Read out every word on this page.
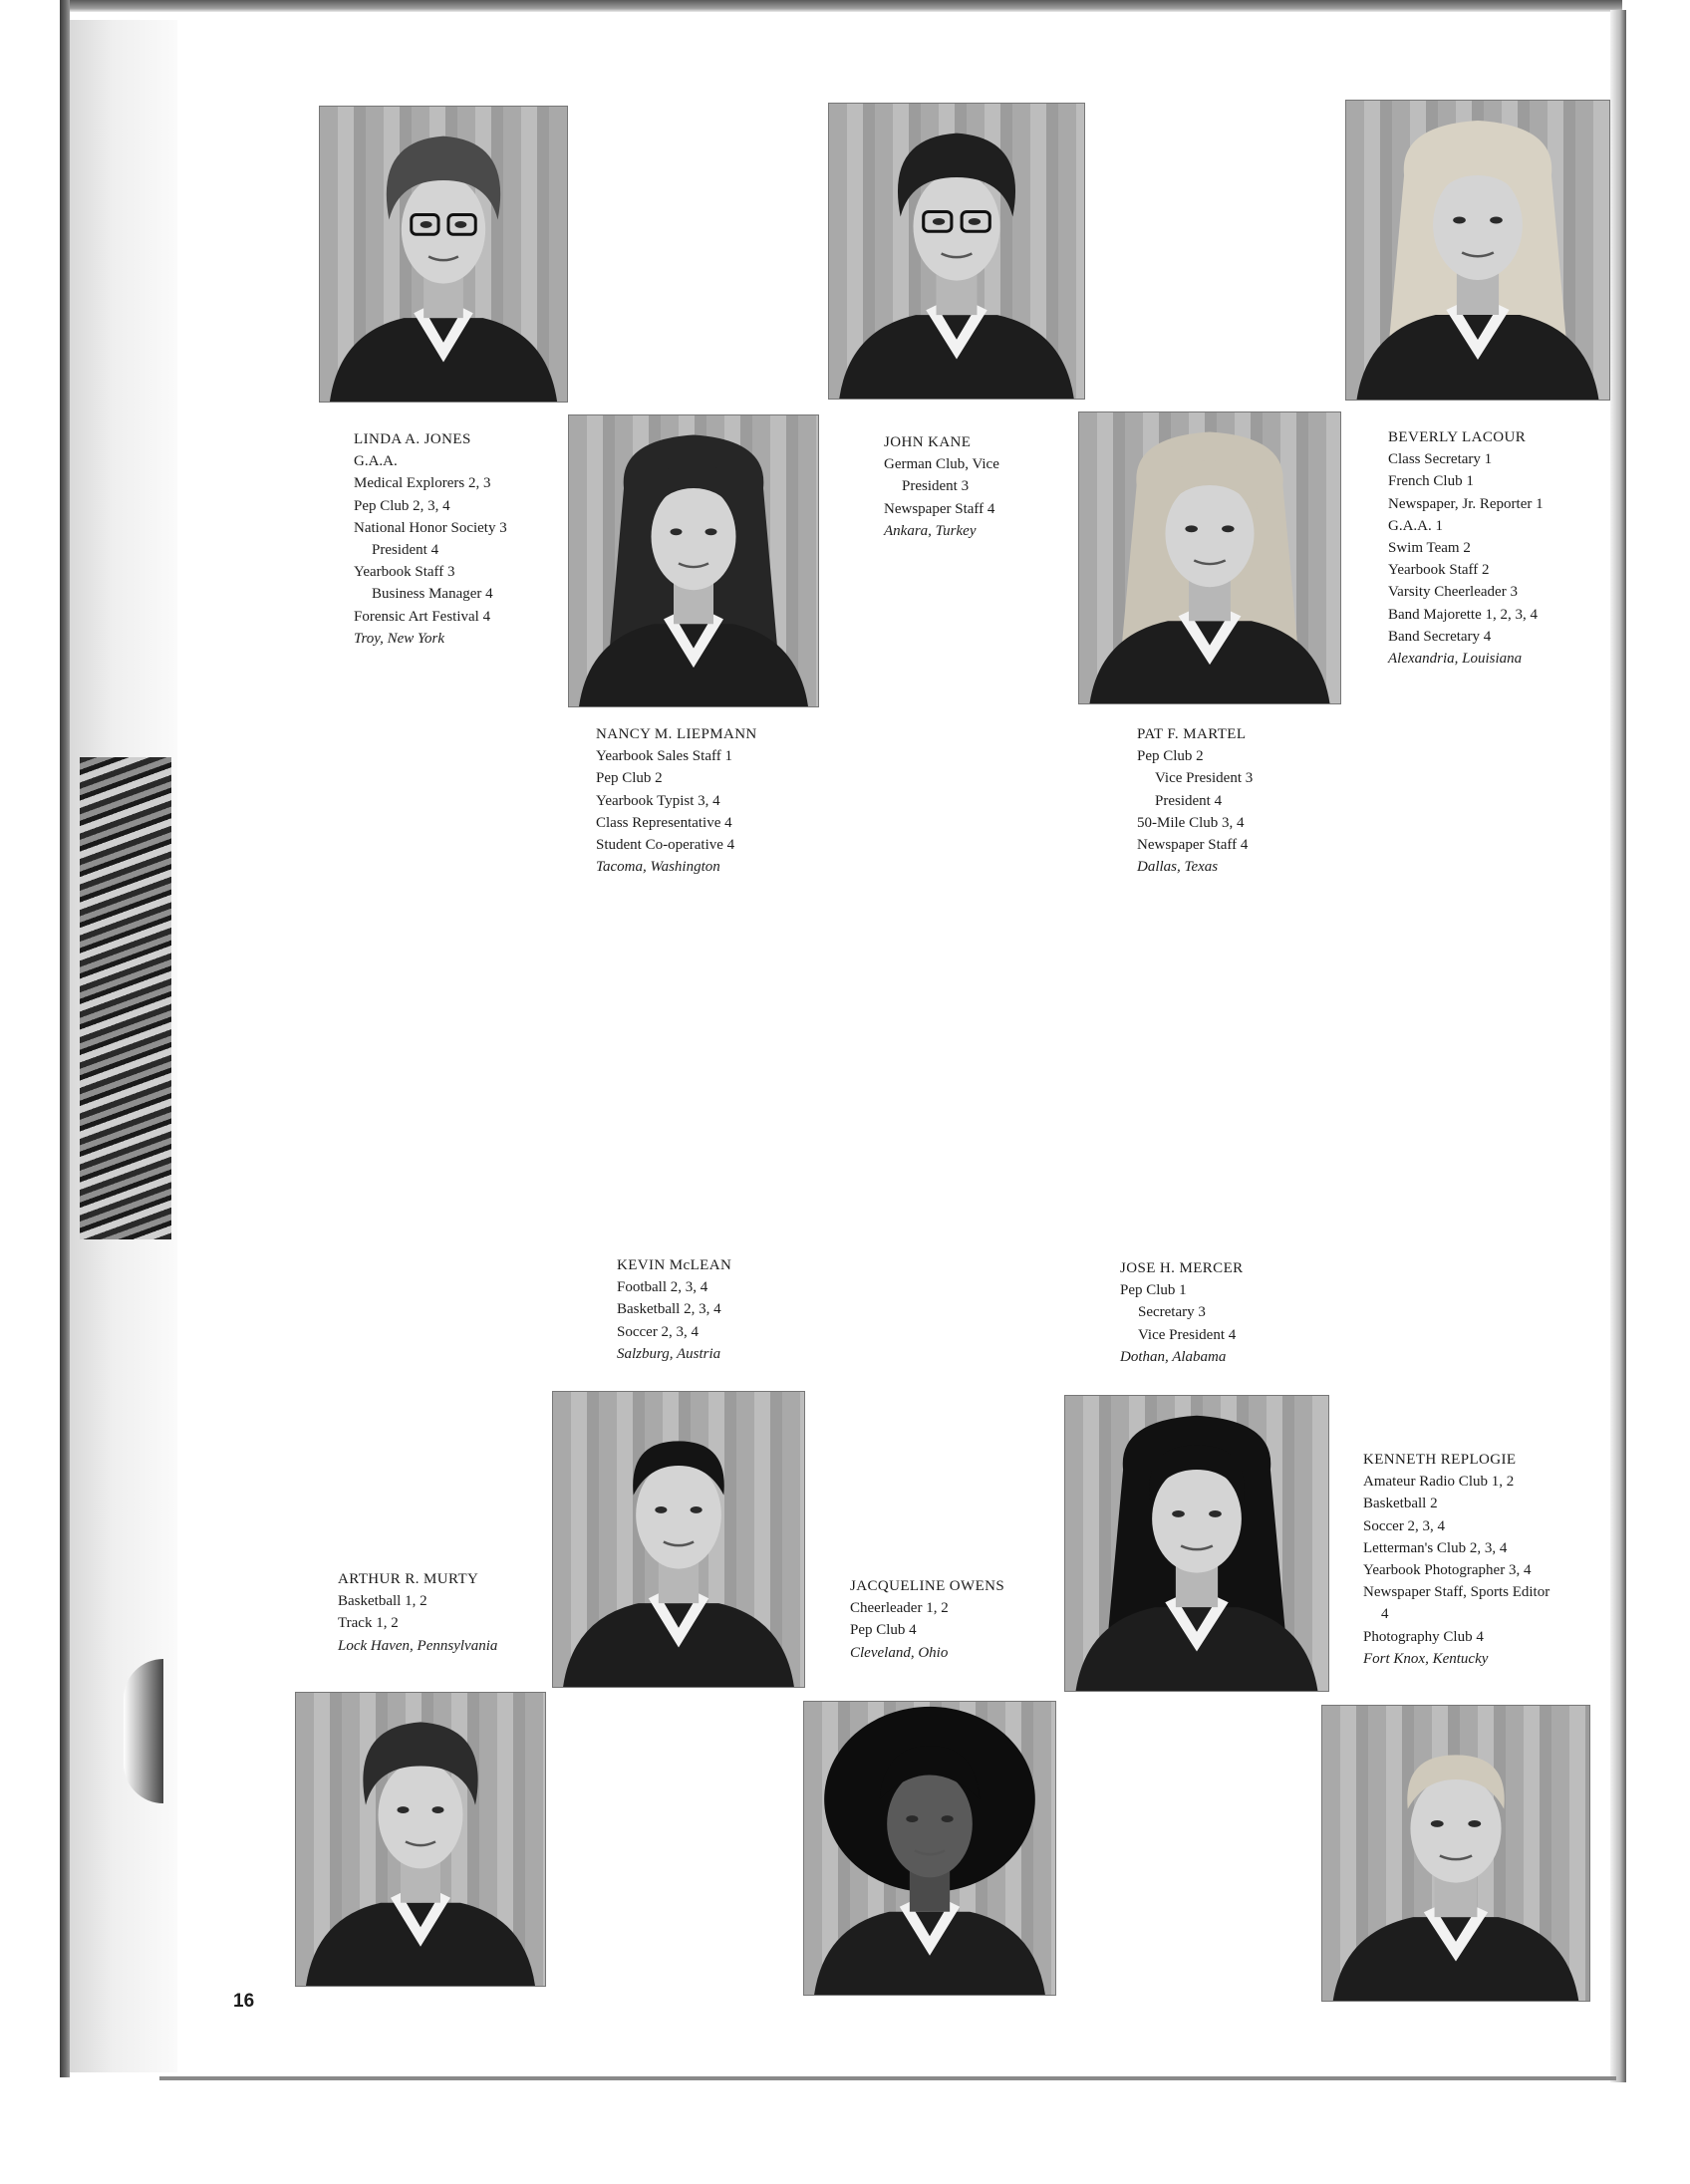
LINDA A. JONES
G.A.A.
Medical Explorers 2, 3
Pep Club 2, 3, 4
National Honor Society 3
President 4
Yearbook Staff 3
Business Manager 4
Forensic Art Festival 4
Troy, New York
JOHN KANE
German Club, Vice
President 3
Newspaper Staff 4
Ankara, Turkey
BEVERLY LACOUR
Class Secretary 1
French Club 1
Newspaper, Jr. Reporter 1
G.A.A. 1
Swim Team 2
Yearbook Staff 2
Varsity Cheerleader 3
Band Majorette 1, 2, 3, 4
Band Secretary 4
Alexandria, Louisiana
NANCY M. LIEPMANN
Yearbook Sales Staff 1
Pep Club 2
Yearbook Typist 3, 4
Class Representative 4
Student Co-operative 4
Tacoma, Washington
PAT F. MARTEL
Pep Club 2
Vice President 3
President 4
50-Mile Club 3, 4
Newspaper Staff 4
Dallas, Texas
KEVIN McLEAN
Football 2, 3, 4
Basketball 2, 3, 4
Soccer 2, 3, 4
Salzburg, Austria
JOSE H. MERCER
Pep Club 1
Secretary 3
Vice President 4
Dothan, Alabama
KENNETH REPLOGIE
Amateur Radio Club 1, 2
Basketball 2
Soccer 2, 3, 4
Letterman's Club 2, 3, 4
Yearbook Photographer 3, 4
Newspaper Staff, Sports Editor
4
Photography Club 4
Fort Knox, Kentucky
ARTHUR R. MURTY
Basketball 1, 2
Track 1, 2
Lock Haven, Pennsylvania
JACQUELINE OWENS
Cheerleader 1, 2
Pep Club 4
Cleveland, Ohio
16
